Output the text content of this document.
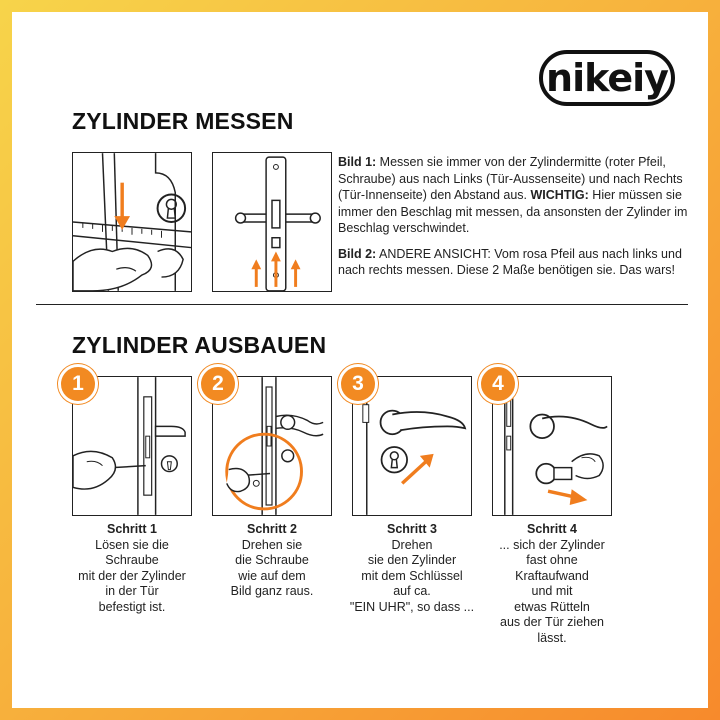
nikeiy
ZYLINDER MESSEN

Bild 1: Messen sie immer von der Zylindermitte (roter Pfeil, Schraube) aus nach Links (Tür-Aussenseite) und nach Rechts (Tür-Innenseite) den Abstand aus. WICHTIG: Hier müssen sie immer den Beschlag mit messen, da ansonsten der Zylinder im Beschlag verschwindet.

Bild 2: ANDERE ANSICHT: Vom rosa Pfeil aus nach links und nach rechts messen. Diese 2 Maße benötigen sie. Das wars!

ZYLINDER AUSBAUEN
1	2	3	4
Schritt 1
Lösen sie die
Schraube
mit der der Zylinder
in der Tür
befestigt ist.
Schritt 2
Drehen sie
die Schraube
wie auf dem
Bild ganz raus.
Schritt 3
Drehen
sie den Zylinder
mit dem Schlüssel
auf ca.
"EIN UHR", so dass ...
Schritt 4
... sich der Zylinder
fast ohne
Kraftaufwand
und mit
etwas Rütteln
aus der Tür ziehen
lässt.
